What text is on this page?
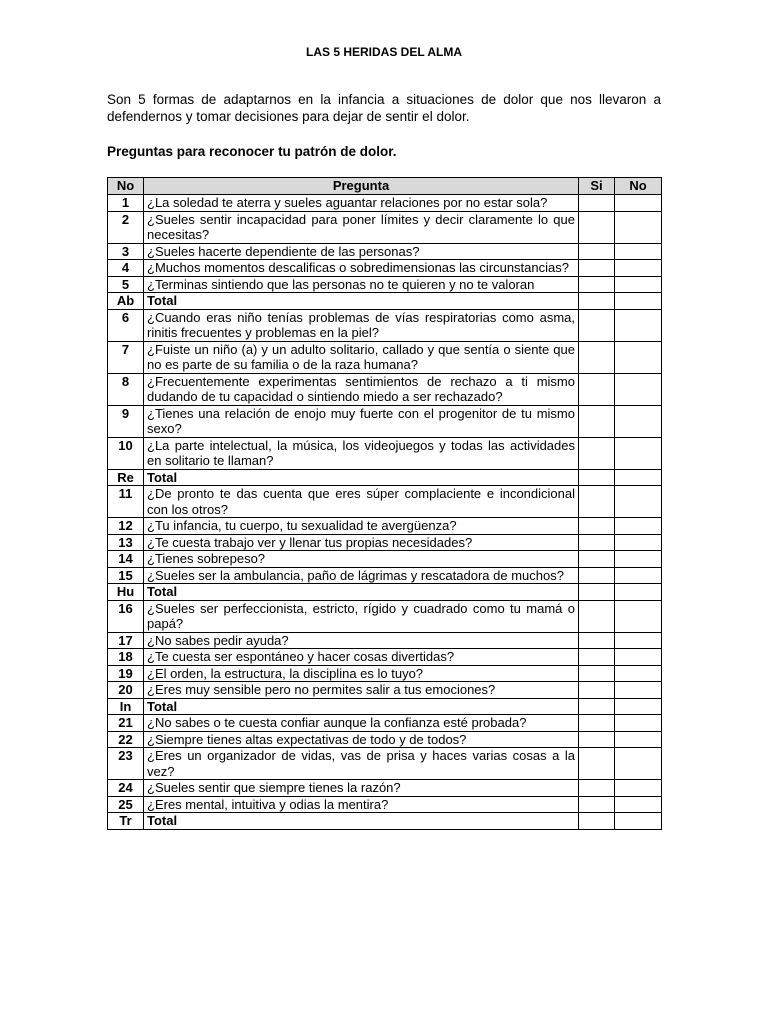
LAS 5 HERIDAS DEL ALMA
Son 5 formas de adaptarnos en la infancia a situaciones de dolor que nos llevaron a defendernos y tomar decisiones para dejar de sentir el dolor.
Preguntas para reconocer tu patrón de dolor.
No	Pregunta	Si	No
1	¿La soledad te aterra y sueles aguantar relaciones por no estar sola?		
2	¿Sueles sentir incapacidad para poner límites y decir claramente lo que necesitas?		
3	¿Sueles hacerte dependiente de las personas?		
4	¿Muchos momentos descalificas o sobredimensionas las circunstancias?		
5	¿Terminas sintiendo que las personas no te quieren y no te valoran		
Ab	Total		
6	¿Cuando eras niño tenías problemas de vías respiratorias como asma, rinitis frecuentes y problemas en la piel?		
7	¿Fuiste un niño (a) y un adulto solitario, callado y que sentía o siente que no es parte de su familia o de la raza humana?		
8	¿Frecuentemente experimentas sentimientos de rechazo a ti mismo dudando de tu capacidad o sintiendo miedo a ser rechazado?		
9	¿Tienes una relación de enojo muy fuerte con el progenitor de tu mismo sexo?		
10	¿La parte intelectual, la música, los videojuegos y todas las actividades en solitario te llaman?		
Re	Total		
11	¿De pronto te das cuenta que eres súper complaciente e incondicional con los otros?		
12	¿Tu infancia, tu cuerpo, tu sexualidad te avergüenza?		
13	¿Te cuesta trabajo ver y llenar tus propias necesidades?		
14	¿Tienes sobrepeso?		
15	¿Sueles ser la ambulancia, paño de lágrimas y rescatadora de muchos?		
Hu	Total		
16	¿Sueles ser perfeccionista, estricto, rígido y cuadrado como tu mamá o papá?		
17	¿No sabes pedir ayuda?		
18	¿Te cuesta ser espontáneo y hacer cosas divertidas?		
19	¿El orden, la estructura, la disciplina es lo tuyo?		
20	¿Eres muy sensible pero no permites salir a tus emociones?		
In	Total		
21	¿No sabes o te cuesta confiar aunque la confianza esté probada?		
22	¿Siempre tienes altas expectativas de todo y de todos?		
23	¿Eres un organizador de vidas, vas de prisa y haces varias cosas a la vez?		
24	¿Sueles sentir que siempre tienes la razón?		
25	¿Eres mental, intuitiva y odias la mentira?		
Tr	Total		
